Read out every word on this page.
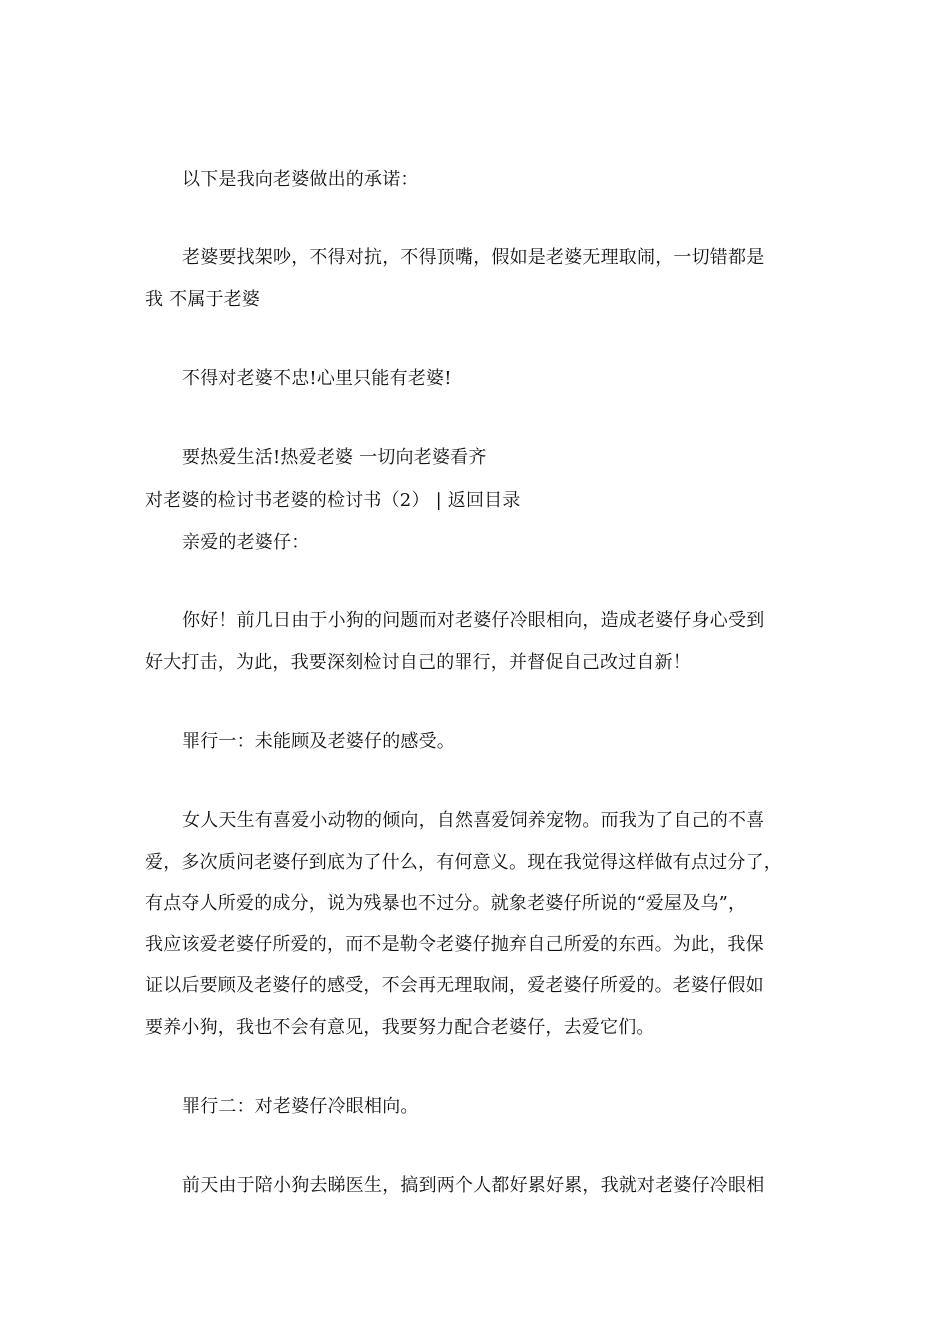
以下是我向老婆做出的承诺：
老婆要找架吵，不得对抗，不得顶嘴，假如是老婆无理取闹，一切错都是
我 不属于老婆
不得对老婆不忠!心里只能有老婆!
要热爱生活!热爱老婆 一切向老婆看齐
对老婆的检讨书老婆的检讨书（2） | 返回目录
亲爱的老婆仔：
你好！前几日由于小狗的问题而对老婆仔冷眼相向，造成老婆仔身心受到
好大打击，为此，我要深刻检讨自己的罪行，并督促自己改过自新！
罪行一：未能顾及老婆仔的感受。
女人天生有喜爱小动物的倾向，自然喜爱饲养宠物。而我为了自己的不喜
爱，多次质问老婆仔到底为了什么，有何意义。现在我觉得这样做有点过分了，
有点夺人所爱的成分，说为残暴也不过分。就象老婆仔所说的“爱屋及乌”，
我应该爱老婆仔所爱的，而不是勒令老婆仔抛弃自己所爱的东西。为此，我保
证以后要顾及老婆仔的感受，不会再无理取闹，爱老婆仔所爱的。老婆仔假如
要养小狗，我也不会有意见，我要努力配合老婆仔，去爱它们。
罪行二：对老婆仔冷眼相向。
前天由于陪小狗去睇医生，搞到两个人都好累好累，我就对老婆仔冷眼相
